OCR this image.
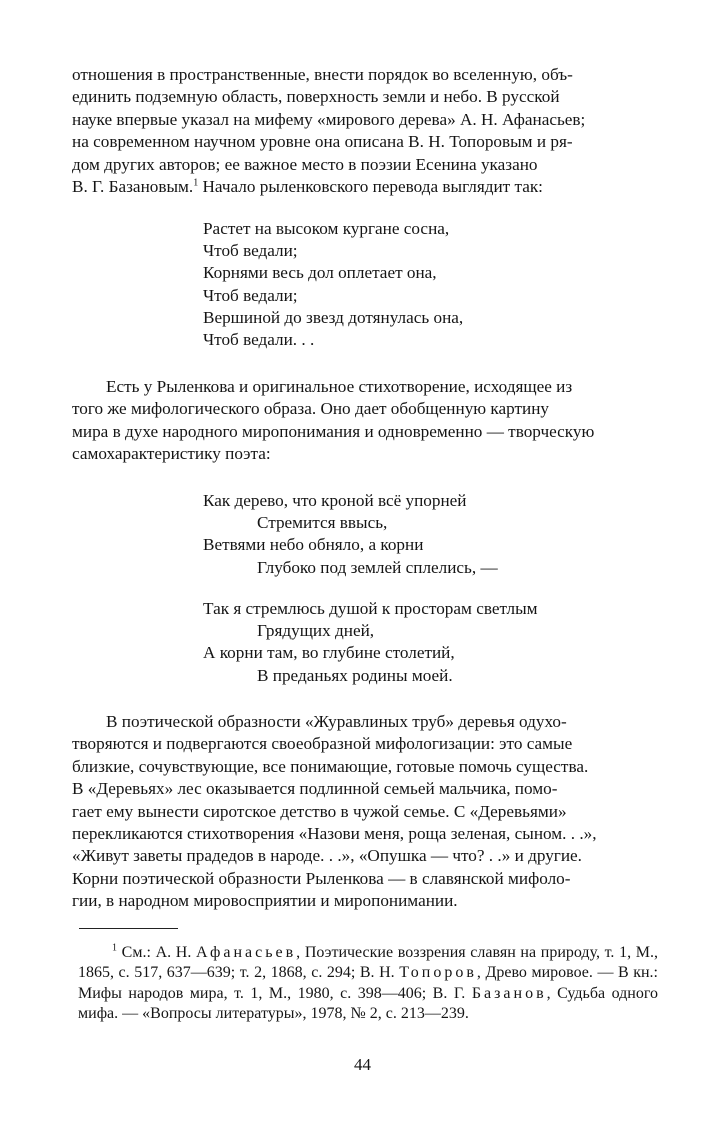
отношения в пространственные, внести порядок во вселенную, объ-
единить подземную область, поверхность земли и небо. В русской
науке впервые указал на мифему «мирового дерева» А. Н. Афанасьев;
на современном научном уровне она описана В. Н. Топоровым и ря-
дом других авторов; ее важное место в поэзии Есенина указано
В. Г. Базановым.$^1$ Начало рыленковского перевода выглядит так:
Растет на высоком кургане сосна,
Чтоб ведали;
Корнями весь дол оплетает она,
Чтоб ведали;
Вершиной до звезд дотянулась она,
Чтоб ведали. . .
Есть у Рыленкова и оригинальное стихотворение, исходящее из
того же мифологического образа. Оно дает обобщенную картину
мира в духе народного миропонимания и одновременно — творческую
самохарактеристику поэта:
Как дерево, что кроной всё упорней
Стремится ввысь,
Ветвями небо обняло, а корни
Глубоко под землей сплелись, —
Так я стремлюсь душой к просторам светлым
Грядущих дней,
А корни там, во глубине столетий,
В преданьях родины моей.
В поэтической образности «Журавлиных труб» деревья одухо-
творяются и подвергаются своеобразной мифологизации: это самые
близкие, сочувствующие, все понимающие, готовые помочь существа.
В «Деревьях» лес оказывается подлинной семьей мальчика, помо-
гает ему вынести сиротское детство в чужой семье. С «Деревьями»
перекликаются стихотворения «Назови меня, роща зеленая, сыном. . .»,
«Живут заветы прадедов в народе. . .», «Опушка — что? . .» и другие.
Корни поэтической образности Рыленкова — в славянской мифоло-
гии, в народном мировосприятии и миропонимании.

$^1$ См.: А. Н. Афанасьев, Поэтические воззрения славян на природу, т. 1, М., 1865, с. 517, 637—639; т. 2, 1868, с. 294; В. Н. Топоров, Древо мировое. — В кн.: Мифы народов мира, т. 1, М., 1980, с. 398—406; В. Г. Базанов, Судьба одного мифа. — «Вопросы литературы», 1978, № 2, с. 213—239.

44
